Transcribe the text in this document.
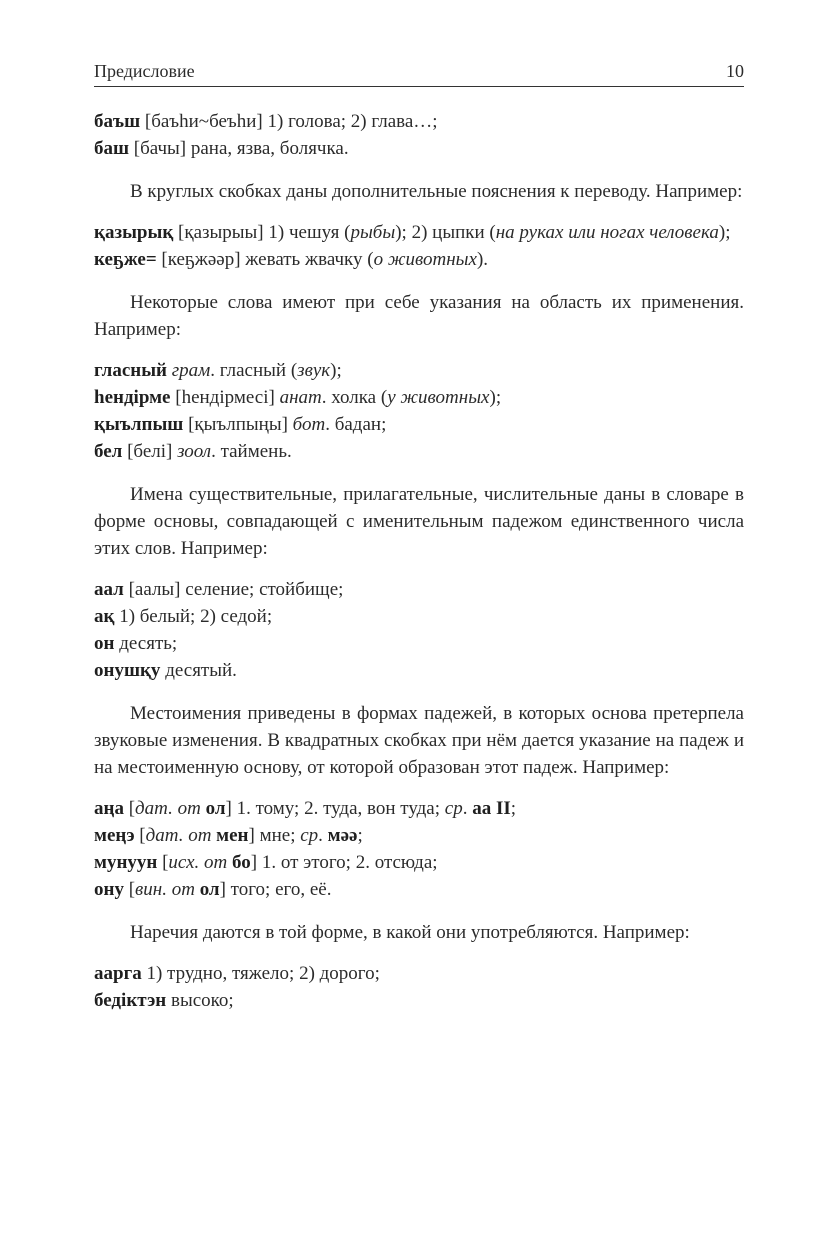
Предисловие	10

баъш [баъhи~беъhи] 1) голова; 2) глава…;

баш [бачы] рана, язва, болячка.

В круглых скобках даны дополнительные пояснения к переводу. Например:

қазырық [қазырыы] 1) чешуя (рыбы); 2) цыпки (на руках или ногах человека);

кеҕже= [кеҕжәәр] жевать жвачку (о животных).

Некоторые слова имеют при себе указания на область их применения. Например:

гласный грам. гласный (звук);

hендірме [hендірмесі] анат. холка (у животных);

қыълпыш [қыълпыңы] бот. бадан;

бел [белі] зоол. таймень.

Имена существительные, прилагательные, числительные даны в словаре в форме основы, совпадающей с именительным падежом единственного числа этих слов. Например:

аал [аалы] селение; стойбище;

ақ 1) белый; 2) седой;

он десять;

онушқу десятый.

Местоимения приведены в формах падежей, в которых основа претерпела звуковые изменения. В квадратных скобках при нём дается указание на падеж и на местоименную основу, от которой образован этот падеж. Например:

аңа [дат. от ол] 1. тому; 2. туда, вон туда; ср. аа II;

меңэ [дат. от мен] мне; ср. мәә;

мунуун [исх. от бо] 1. от этого; 2. отсюда;

ону [вин. от ол] того; его, её.

Наречия даются в той форме, в какой они употребляются. Например:

ааргa 1) трудно, тяжело; 2) дорого;

бедіктэн высоко;
